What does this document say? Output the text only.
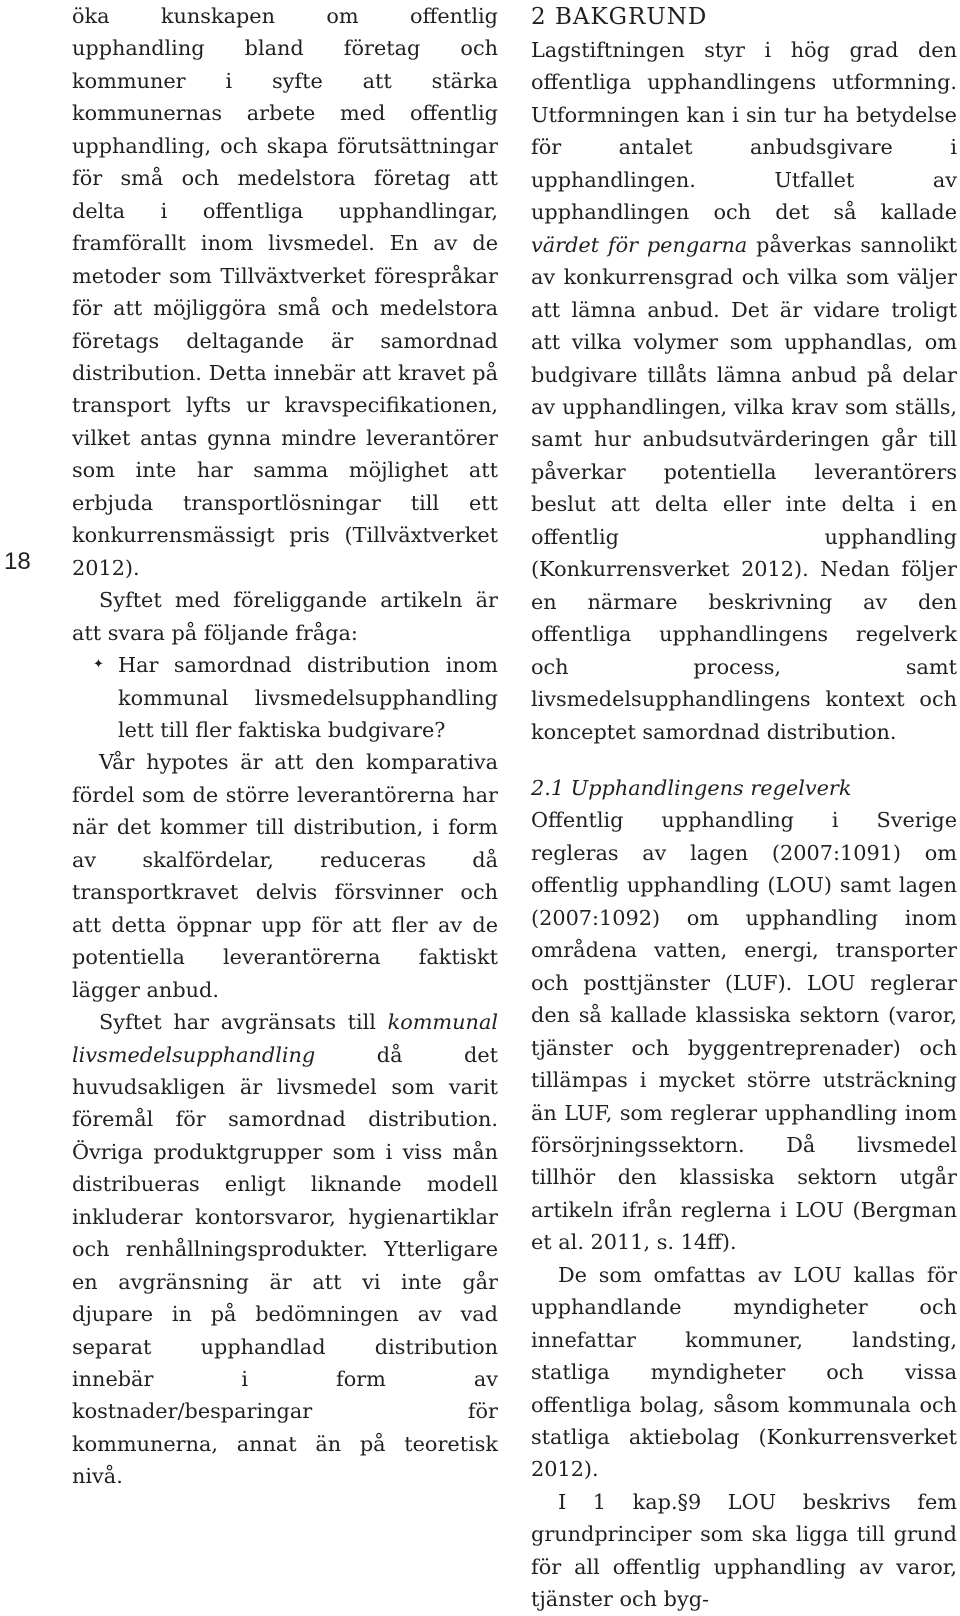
18

öka kunskapen om offentlig upphandling bland företag och kommuner i syfte att stärka kommunernas arbete med offentlig upphandling, och skapa förutsättningar för små och medelstora företag att delta i offentliga upphandlingar, framförallt inom livsmedel. En av de metoder som Tillväxtverket förespråkar för att möjliggöra små och medelstora företags deltagande är samordnad distribution. Detta innebär att kravet på transport lyfts ur kravspecifikationen, vilket antas gynna mindre leverantörer som inte har samma möjlighet att erbjuda transportlösningar till ett konkurrensmässigt pris (Tillväxtverket 2012).

Syftet med föreliggande artikeln är att svara på följande fråga:

✦ Har samordnad distribution inom kommunal livsmedelsupphandling lett till fler faktiska budgivare?

Vår hypotes är att den komparativa fördel som de större leverantörerna har när det kommer till distribution, i form av skalfördelar, reduceras då transportkravet delvis försvinner och att detta öppnar upp för att fler av de potentiella leverantörerna faktiskt lägger anbud.

Syftet har avgränsats till kommunal livsmedelsupphandling då det huvudsakligen är livsmedel som varit föremål för samordnad distribution. Övriga produktgrupper som i viss mån distribueras enligt liknande modell inkluderar kontorsvaror, hygienartiklar och renhållningsprodukter. Ytterligare en avgränsning är att vi inte går djupare in på bedömningen av vad separat upphandlad distribution innebär i form av kostnader/besparingar för kommunerna, annat än på teoretisk nivå.

2 BAKGRUND

Lagstiftningen styr i hög grad den offentliga upphandlingens utformning. Utformningen kan i sin tur ha betydelse för antalet anbudsgivare i upphandlingen. Utfallet av upphandlingen och det så kallade värdet för pengarna påverkas sannolikt av konkurrensgrad och vilka som väljer att lämna anbud. Det är vidare troligt att vilka volymer som upphandlas, om budgivare tillåts lämna anbud på delar av upphandlingen, vilka krav som ställs, samt hur anbudsutvärderingen går till påverkar potentiella leverantörers beslut att delta eller inte delta i en offentlig upphandling (Konkurrensverket 2012). Nedan följer en närmare beskrivning av den offentliga upphandlingens regelverk och process, samt livsmedelsupphandlingens kontext och konceptet samordnad distribution.

2.1 Upphandlingens regelverk

Offentlig upphandling i Sverige regleras av lagen (2007:1091) om offentlig upphandling (LOU) samt lagen (2007:1092) om upphandling inom områdena vatten, energi, transporter och posttjänster (LUF). LOU reglerar den så kallade klassiska sektorn (varor, tjänster och byggentreprenader) och tillämpas i mycket större utsträckning än LUF, som reglerar upphandling inom försörjningssektorn. Då livsmedel tillhör den klassiska sektorn utgår artikeln ifrån reglerna i LOU (Bergman et al. 2011, s. 14ff).

De som omfattas av LOU kallas för upphandlande myndigheter och innefattar kommuner, landsting, statliga myndigheter och vissa offentliga bolag, såsom kommunala och statliga aktiebolag (Konkurrensverket 2012).

I 1 kap.§9 LOU beskrivs fem grundprinciper som ska ligga till grund för all offentlig upphandling av varor, tjänster och byg-
